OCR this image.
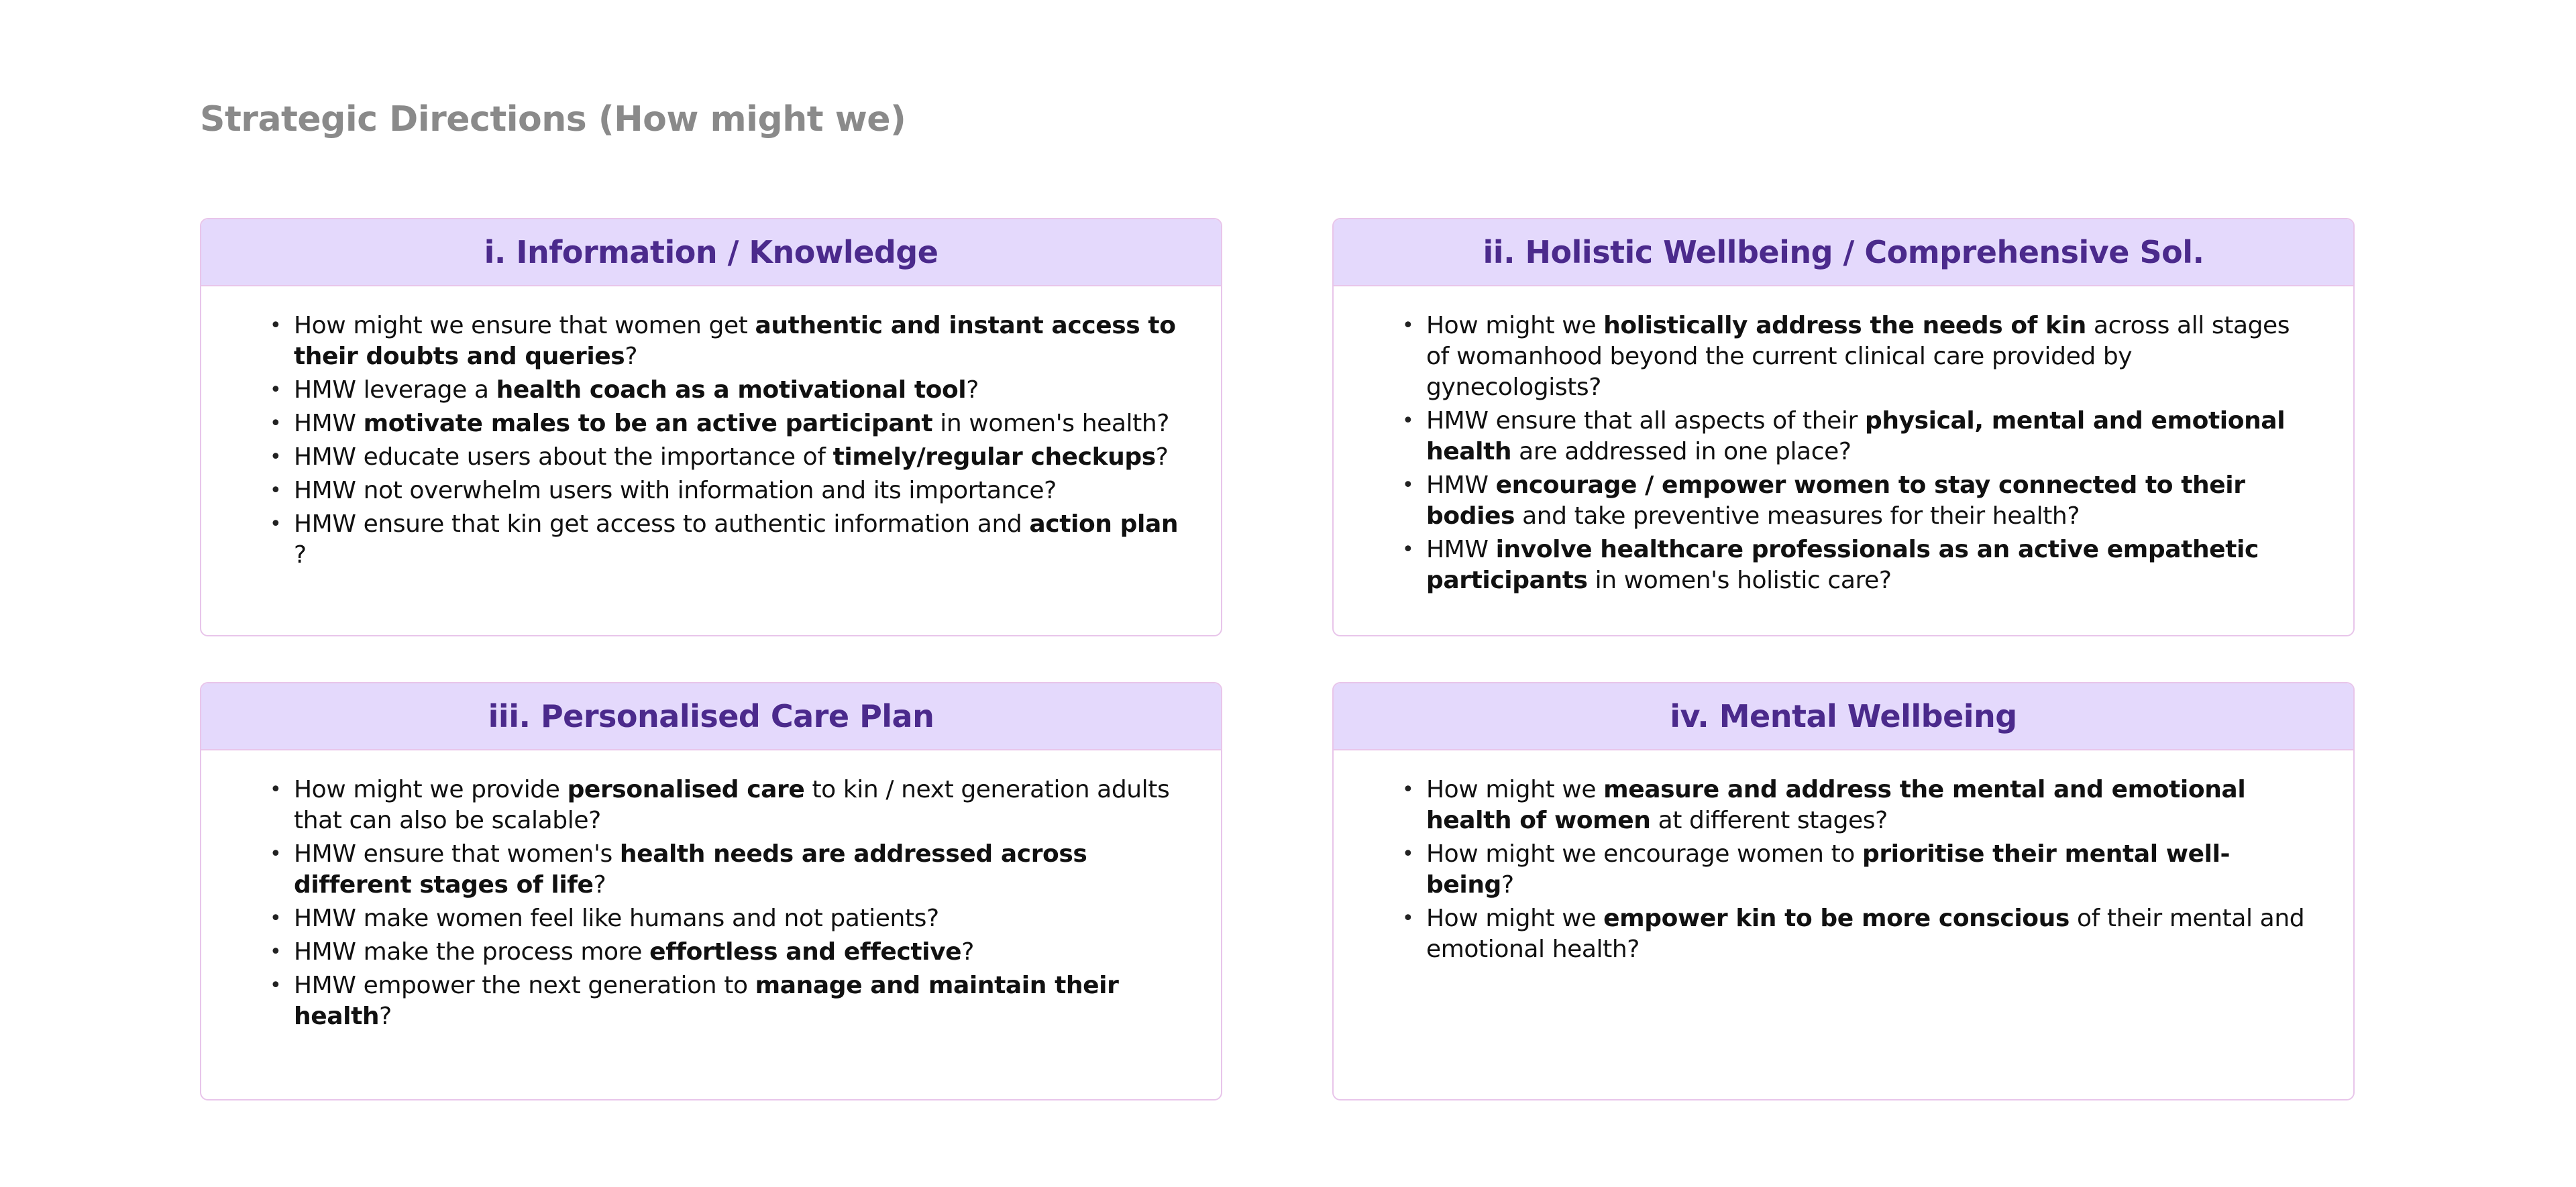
Strategic Directions (How might we)
i. Information / Knowledge
• How might we ensure that women get authentic and instant access to their doubts and queries?
• HMW leverage a health coach as a motivational tool?
• HMW motivate males to be an active participant in women's health?
• HMW educate users about the importance of timely/regular checkups?
• HMW not overwhelm users with information and its importance?
• HMW ensure that kin get access to authentic information and action plan ?
ii. Holistic Wellbeing / Comprehensive Sol.
• How might we holistically address the needs of kin across all stages of womanhood beyond the current clinical care provided by gynecologists?
• HMW ensure that all aspects of their physical, mental and emotional health are addressed in one place?
• HMW encourage / empower women to stay connected to their bodies and take preventive measures for their health?
• HMW involve healthcare professionals as an active empathetic participants in women's holistic care?
iii. Personalised Care Plan
• How might we provide personalised care to kin / next generation adults that can also be scalable?
• HMW ensure that women's health needs are addressed across different stages of life?
• HMW make women feel like humans and not patients?
• HMW make the process more effortless and effective?
• HMW empower the next generation to manage and maintain their health?
iv. Mental Wellbeing
• How might we measure and address the mental and emotional health of women at different stages?
• How might we encourage women to prioritise their mental well-being?
• How might we empower kin to be more conscious of their mental and emotional health?
